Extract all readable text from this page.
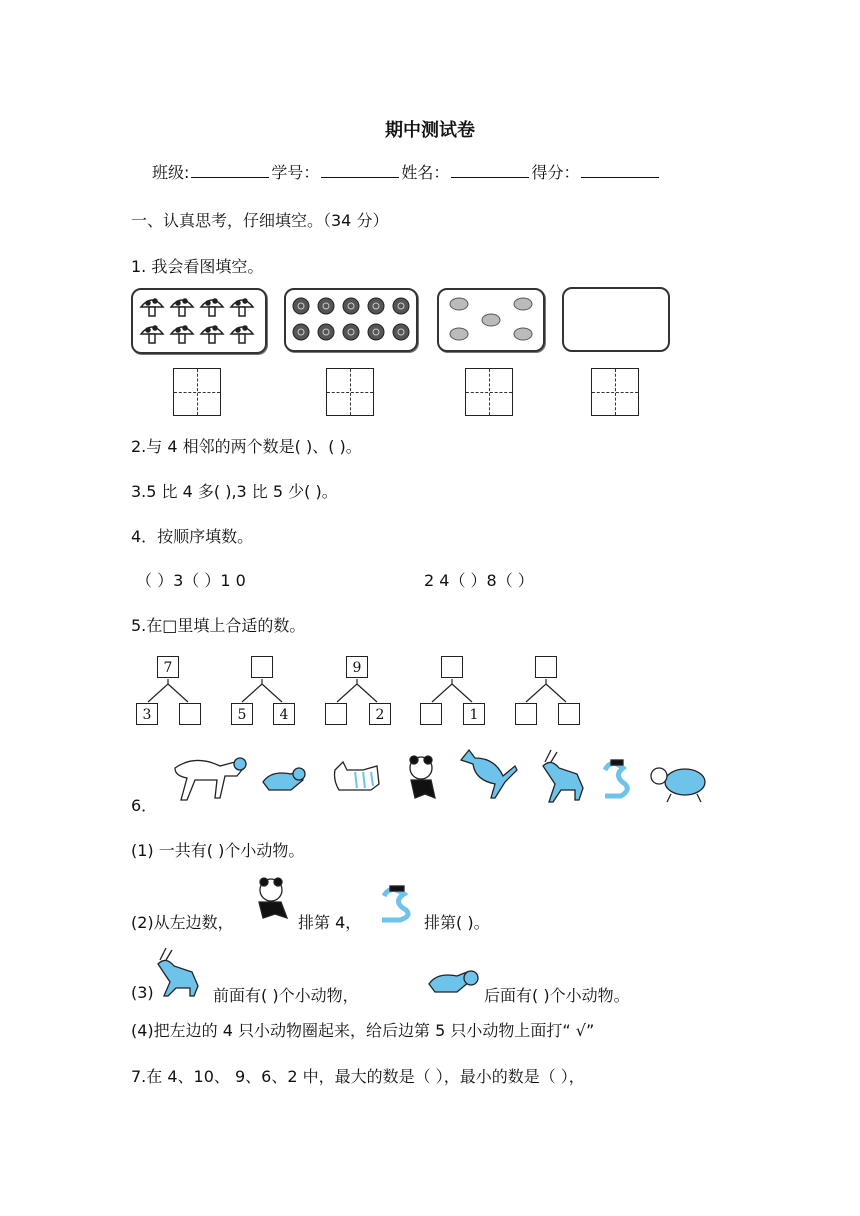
期中测试卷
班级:	学号：	姓名：	得分：
一、认真思考，仔细填空。（34 分）
1. 我会看图填空。
2.与 4 相邻的两个数是( )、( )。
3.5 比 4 多( ),3 比 5 少( )。
4．按顺序填数。
（ ）3（ ）1 0	2 4（ ）8（ ）
5.在□里填上合适的数。
7
3	5	4
9
2	1
6．
(1) 一共有( )个小动物。
(2)从左边数，	排第 4，	排第( )。
(3)	前面有( )个小动物，	后面有( )个小动物。
(4)把左边的 4 只小动物圈起来，给后边第 5 只小动物上面打“ √”
7.在 4、10、 9、6、2 中，最大的数是（ ），最小的数是（ ），
